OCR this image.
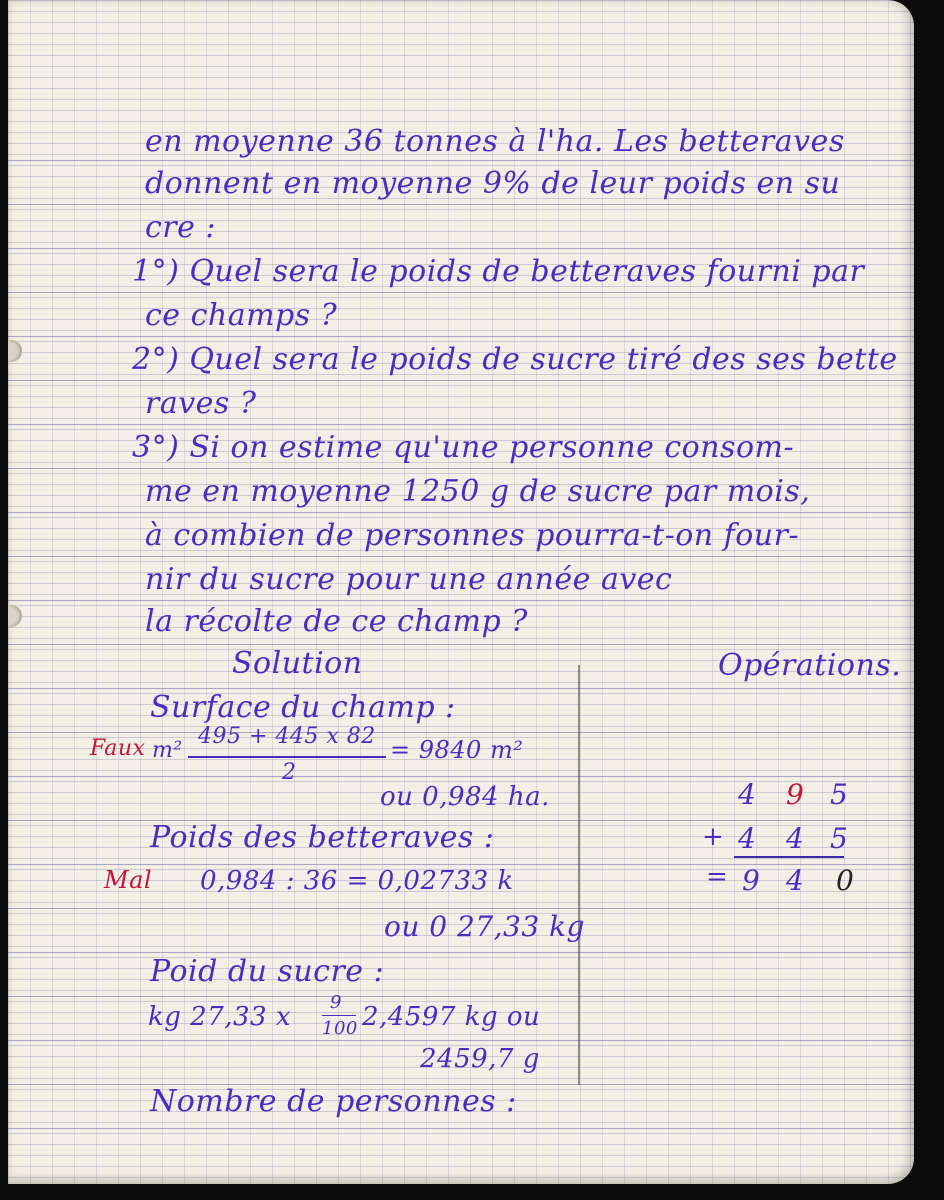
en moyenne 36 tonnes à l'ha. Les betteraves
donnent en moyenne 9% de leur poids en su
cre :
1°) Quel sera le poids de betteraves fourni par
ce champs ?
2°) Quel sera le poids de sucre tiré des ses bette
raves ?
3°) Si on estime qu'une personne consom-
me en moyenne 1250 g de sucre par mois,
à combien de personnes pourra-t-on four-
nir du sucre pour une année avec
la récolte de ce champ ?
Solution
Surface du champ :
Faux m²
495 + 445 x 82
2
= 9840 m²
ou 0,984 ha.
Poids des betteraves :
Mal 0,984 : 36 = 0,02733 k
ou 0 27,33 kg
Poid du sucre :
kg 27,33 x 9
100 2,4597 kg ou
2459,7 g
Nombre de personnes :
Opérations.
4 9 5
+ 4 4 5
= 9 4 0
